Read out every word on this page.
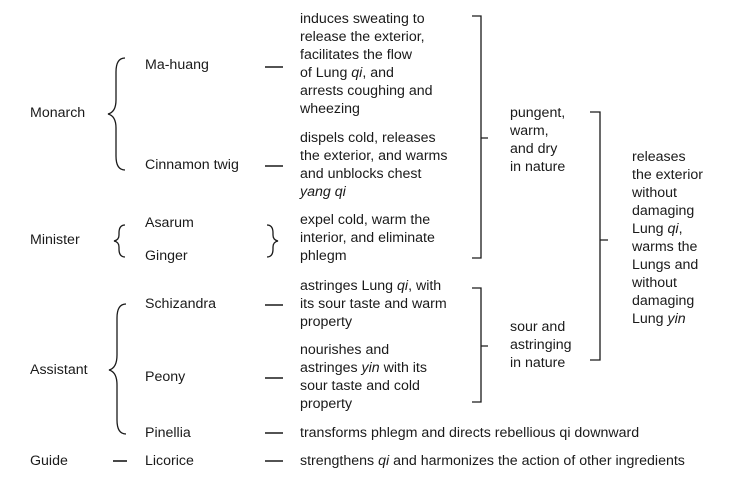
Monarch

Minister

Assistant

Guide

Ma-huang

Cinnamon twig

Asarum

Ginger

Schizandra

Peony

Pinellia

Licorice

induces sweating to
release the exterior,
facilitates the flow
of Lung qi, and
arrests coughing and
wheezing
dispels cold, releases
the exterior, and warms
and unblocks chest
yang qi
expel cold, warm the
interior, and eliminate
phlegm
astringes Lung qi, with
its sour taste and warm
property
nourishes and
astringes yin with its
sour taste and cold
property

transforms phlegm and directs rebellious qi downward

strengthens qi and harmonizes the action of other ingredients

pungent,
warm,
and dry
in nature
sour and
astringing
in nature
releases
the exterior
without
damaging
Lung qi,
warms the
Lungs and
without
damaging
Lung yin
